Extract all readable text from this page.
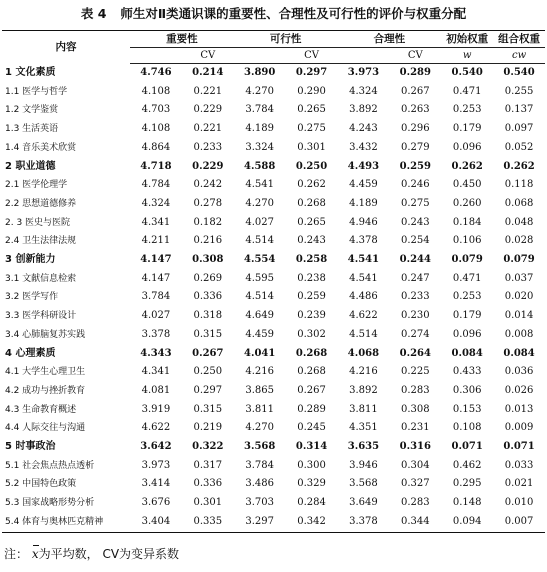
表 4 师生对Ⅱ类通识课的重要性、合理性及可行性的评价与权重分配
内容	重要性		可行性		合理性		初始权重	组合权重
		CV		CV		CV	w	cw
1 文化素质	4.746	0.214	3.890	0.297	3.973	0.289	0.540	0.540
1.1 医学与哲学	4.108	0.221	4.270	0.290	4.324	0.267	0.471	0.255
1.2 文学鉴赏	4.703	0.229	3.784	0.265	3.892	0.263	0.253	0.137
1.3 生活英语	4.108	0.221	4.189	0.275	4.243	0.296	0.179	0.097
1.4 音乐美术欣赏	4.864	0.233	3.324	0.301	3.432	0.279	0.096	0.052
2 职业道德	4.718	0.229	4.588	0.250	4.493	0.259	0.262	0.262
2.1 医学伦理学	4.784	0.242	4.541	0.262	4.459	0.246	0.450	0.118
2.2 思想道德修养	4.324	0.278	4.270	0.268	4.189	0.275	0.260	0.068
2. 3 医史与医院	4.341	0.182	4.027	0.265	4.946	0.243	0.184	0.048
2.4 卫生法律法规	4.211	0.216	4.514	0.243	4.378	0.254	0.106	0.028
3 创新能力	4.147	0.308	4.554	0.258	4.541	0.244	0.079	0.079
3.1 文献信息检索	4.147	0.269	4.595	0.238	4.541	0.247	0.471	0.037
3.2 医学写作	3.784	0.336	4.514	0.259	4.486	0.233	0.253	0.020
3.3 医学科研设计	4.027	0.318	4.649	0.239	4.622	0.230	0.179	0.014
3.4 心肺脑复苏实践	3.378	0.315	4.459	0.302	4.514	0.274	0.096	0.008
4 心理素质	4.343	0.267	4.041	0.268	4.068	0.264	0.084	0.084
4.1 大学生心理卫生	4.341	0.250	4.216	0.268	4.216	0.225	0.433	0.036
4.2 成功与挫折教育	4.081	0.297	3.865	0.267	3.892	0.283	0.306	0.026
4.3 生命教育概述	3.919	0.315	3.811	0.289	3.811	0.308	0.153	0.013
4.4 人际交往与沟通	4.622	0.219	4.270	0.245	4.351	0.231	0.108	0.009
5 时事政治	3.642	0.322	3.568	0.314	3.635	0.316	0.071	0.071
5.1 社会焦点热点透析	3.973	0.317	3.784	0.300	3.946	0.304	0.462	0.033
5.2 中国特色政策	3.414	0.336	3.486	0.329	3.568	0.327	0.295	0.021
5.3 国家战略形势分析	3.676	0.301	3.703	0.284	3.649	0.283	0.148	0.010
5.4 体育与奥林匹克精神	3.404	0.335	3.297	0.342	3.378	0.344	0.094	0.007
注： x为平均数， CV为变异系数
